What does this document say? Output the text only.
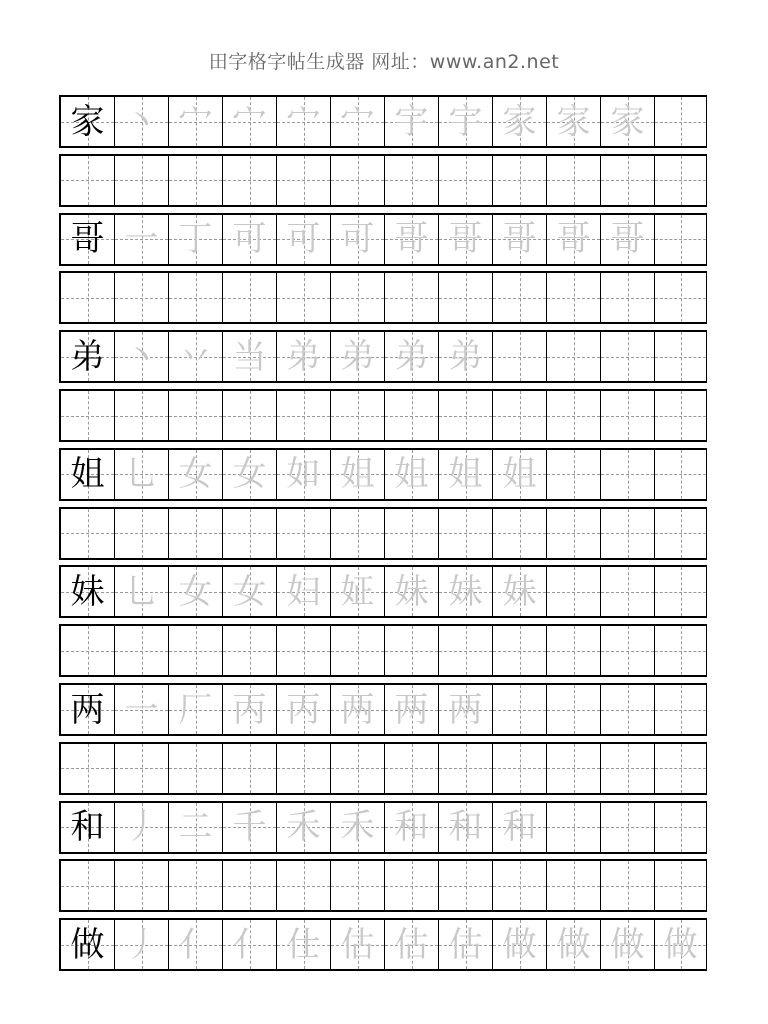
田字格字帖生成器 网址：www.an2.net
家 丶 宀 宀 宀 宀 宇 宇 家 家 家
哥 一 丁 可 可 可 哥 哥 哥 哥 哥
弟 丶 丷 当 弟 弟 弟 弟
姐 乚 女 女 如 姐 姐 姐 姐
妹 乚 女 女 妇 姃 妹 妹 妹
两 一 厂 丙 丙 两 两 两
和 丿 二 千 禾 禾 和 和 和
做 丿 亻 亻 仕 估 估 估 做 做 做 做
